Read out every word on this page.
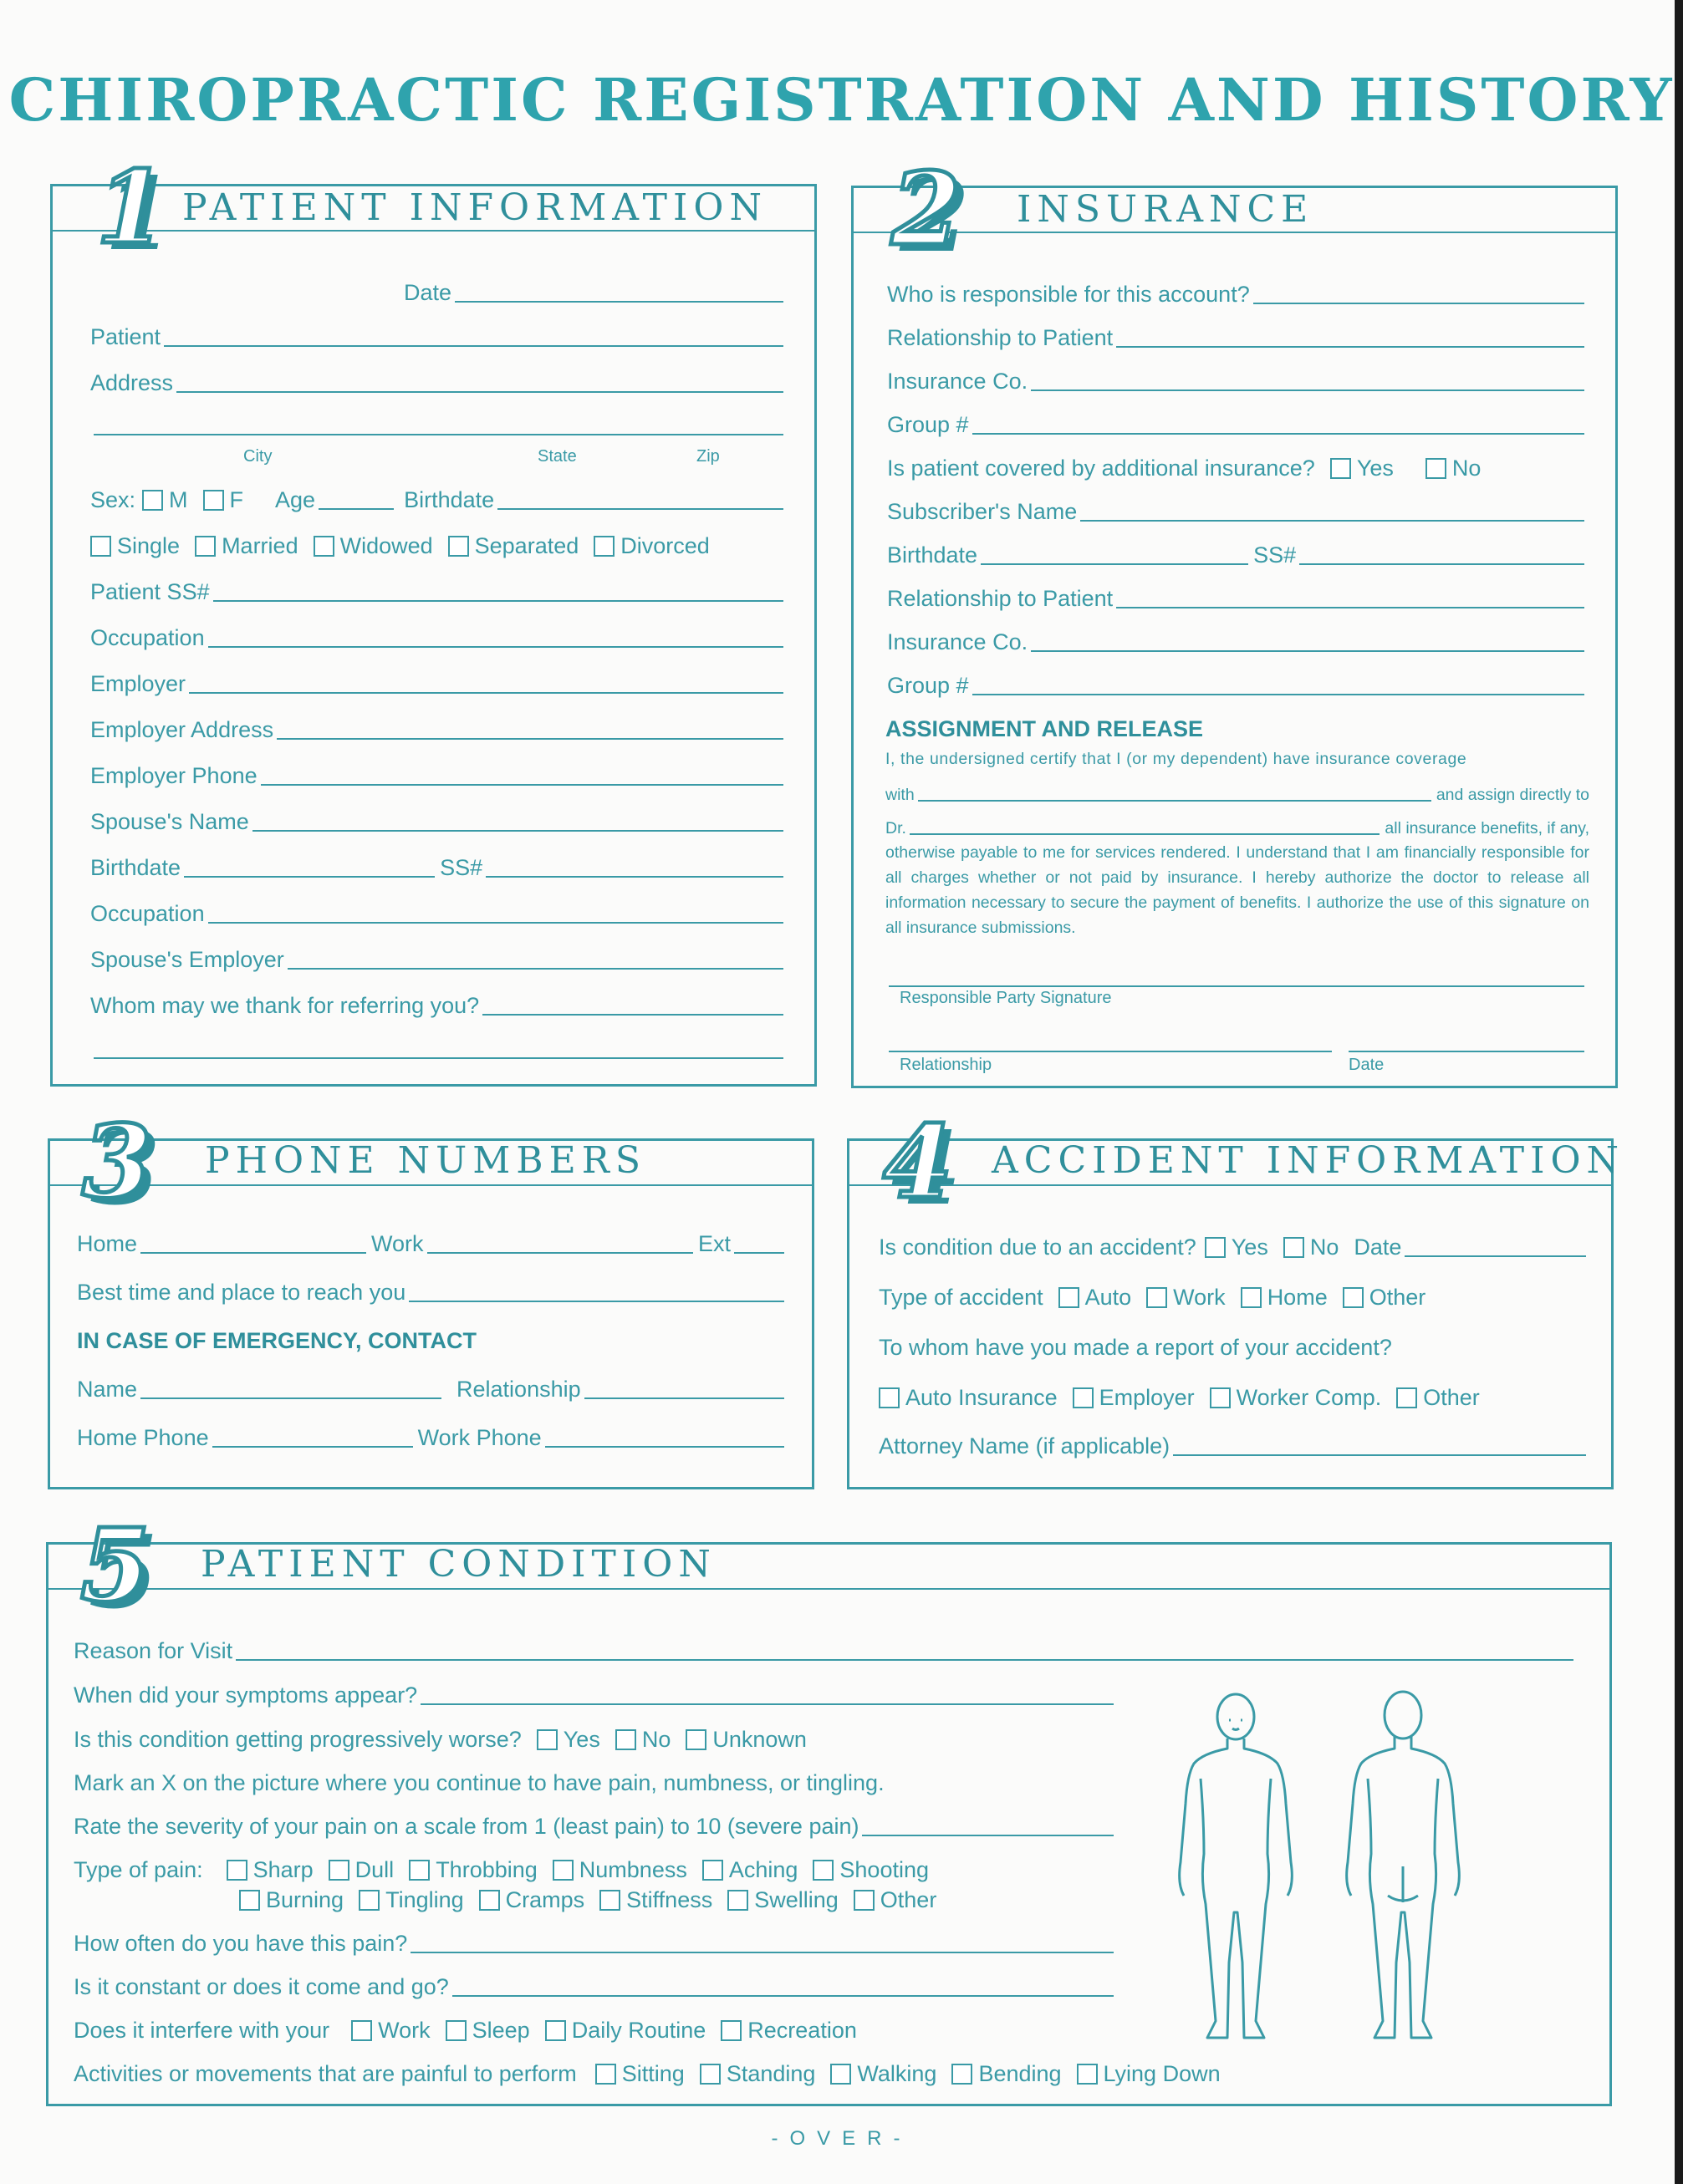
CHIROPRACTIC REGISTRATION AND HISTORY
1 PATIENT INFORMATION
Date
Patient
Address
City	State	Zip
Sex: M F Age	Birthdate
Single Married Widowed Separated Divorced
Patient SS#
Occupation
Employer
Employer Address
Employer Phone
Spouse's Name
Birthdate	SS#
Occupation
Spouse's Employer
Whom may we thank for referring you?
2 INSURANCE
Who is responsible for this account?
Relationship to Patient
Insurance Co.
Group #
Is patient covered by additional insurance? Yes	No
Subscriber's Name
Birthdate	SS#
Relationship to Patient
Insurance Co.
Group #
ASSIGNMENT AND RELEASE
I, the undersigned certify that I (or my dependent) have insurance coverage
with	and assign directly to
Dr.	all insurance benefits, if any,
otherwise payable to me for services rendered. I understand that I am financially responsible for all charges whether or not paid by insurance. I hereby authorize the doctor to release all information necessary to secure the payment of benefits. I authorize the use of this signature on all insurance submissions.
Responsible Party Signature
Relationship	Date
3 PHONE NUMBERS
Home	Work	Ext
Best time and place to reach you
IN CASE OF EMERGENCY, CONTACT
Name	Relationship
Home Phone	Work Phone
4 ACCIDENT INFORMATION
Is condition due to an accident? Yes No Date
Type of accident Auto Work Home Other
To whom have you made a report of your accident?
Auto Insurance Employer Worker Comp. Other
Attorney Name (if applicable)
5 PATIENT CONDITION
Reason for Visit
When did your symptoms appear?
Is this condition getting progressively worse? Yes No Unknown
Mark an X on the picture where you continue to have pain, numbness, or tingling.
Rate the severity of your pain on a scale from 1 (least pain) to 10 (severe pain)
Type of pain: Sharp Dull Throbbing Numbness Aching Shooting
Burning Tingling Cramps Stiffness Swelling Other
How often do you have this pain?
Is it constant or does it come and go?
Does it interfere with your Work Sleep Daily Routine Recreation
Activities or movements that are painful to perform Sitting Standing Walking Bending Lying Down
-OVER-
